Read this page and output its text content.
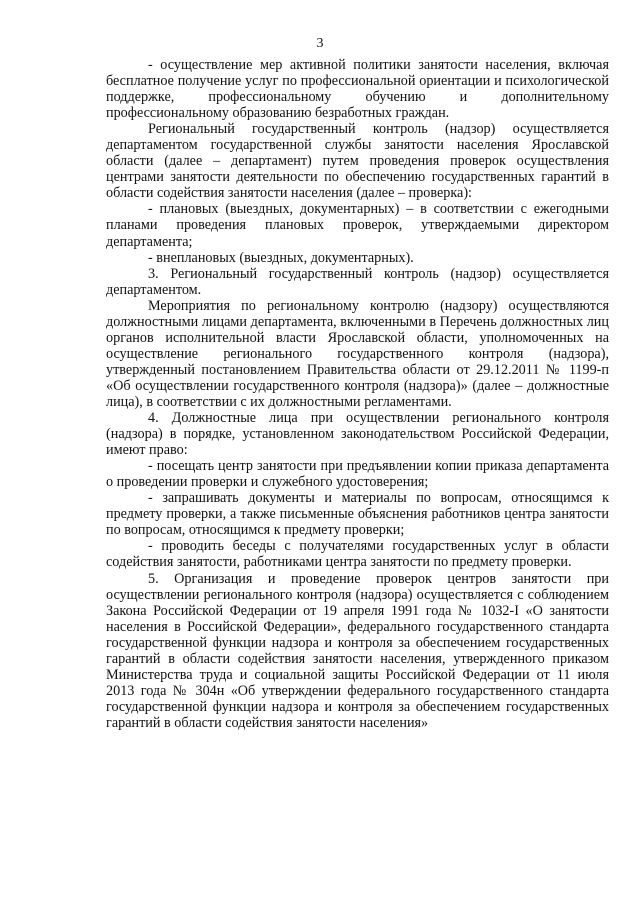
3

- осуществление мер активной политики занятости населения, включая бесплатное получение услуг по профессиональной ориентации и психологической поддержке, профессиональному обучению и дополнительному профессиональному образованию безработных граждан.

Региональный государственный контроль (надзор) осуществляется департаментом государственной службы занятости населения Ярославской области (далее – департамент) путем проведения проверок осуществления центрами занятости деятельности по обеспечению государственных гарантий в области содействия занятости населения (далее – проверка):

- плановых (выездных, документарных) – в соответствии с ежегодными планами проведения плановых проверок, утверждаемыми директором департамента;

- внеплановых (выездных, документарных).

3. Региональный государственный контроль (надзор) осуществляется департаментом.

Мероприятия по региональному контролю (надзору) осуществляются должностными лицами департамента, включенными в Перечень должностных лиц органов исполнительной власти Ярославской области, уполномоченных на осуществление регионального государственного контроля (надзора), утвержденный постановлением Правительства области от 29.12.2011 № 1199-п «Об осуществлении государственного контроля (надзора)» (далее – должностные лица), в соответствии с их должностными регламентами.

4. Должностные лица при осуществлении регионального контроля (надзора) в порядке, установленном законодательством Российской Федерации, имеют право:

- посещать центр занятости при предъявлении копии приказа департамента о проведении проверки и служебного удостоверения;

- запрашивать документы и материалы по вопросам, относящимся к предмету проверки, а также письменные объяснения работников центра занятости по вопросам, относящимся к предмету проверки;

- проводить беседы с получателями государственных услуг в области содействия занятости, работниками центра занятости по предмету проверки.

5. Организация и проведение проверок центров занятости при осуществлении регионального контроля (надзора) осуществляется с соблюдением Закона Российской Федерации от 19 апреля 1991 года № 1032-I «О занятости населения в Российской Федерации», федерального государственного стандарта государственной функции надзора и контроля за обеспечением государственных гарантий в области содействия занятости населения, утвержденного приказом Министерства труда и социальной защиты Российской Федерации от 11 июля 2013 года № 304н «Об утверждении федерального государственного стандарта государственной функции надзора и контроля за обеспечением государственных гарантий в области содействия занятости населения»
